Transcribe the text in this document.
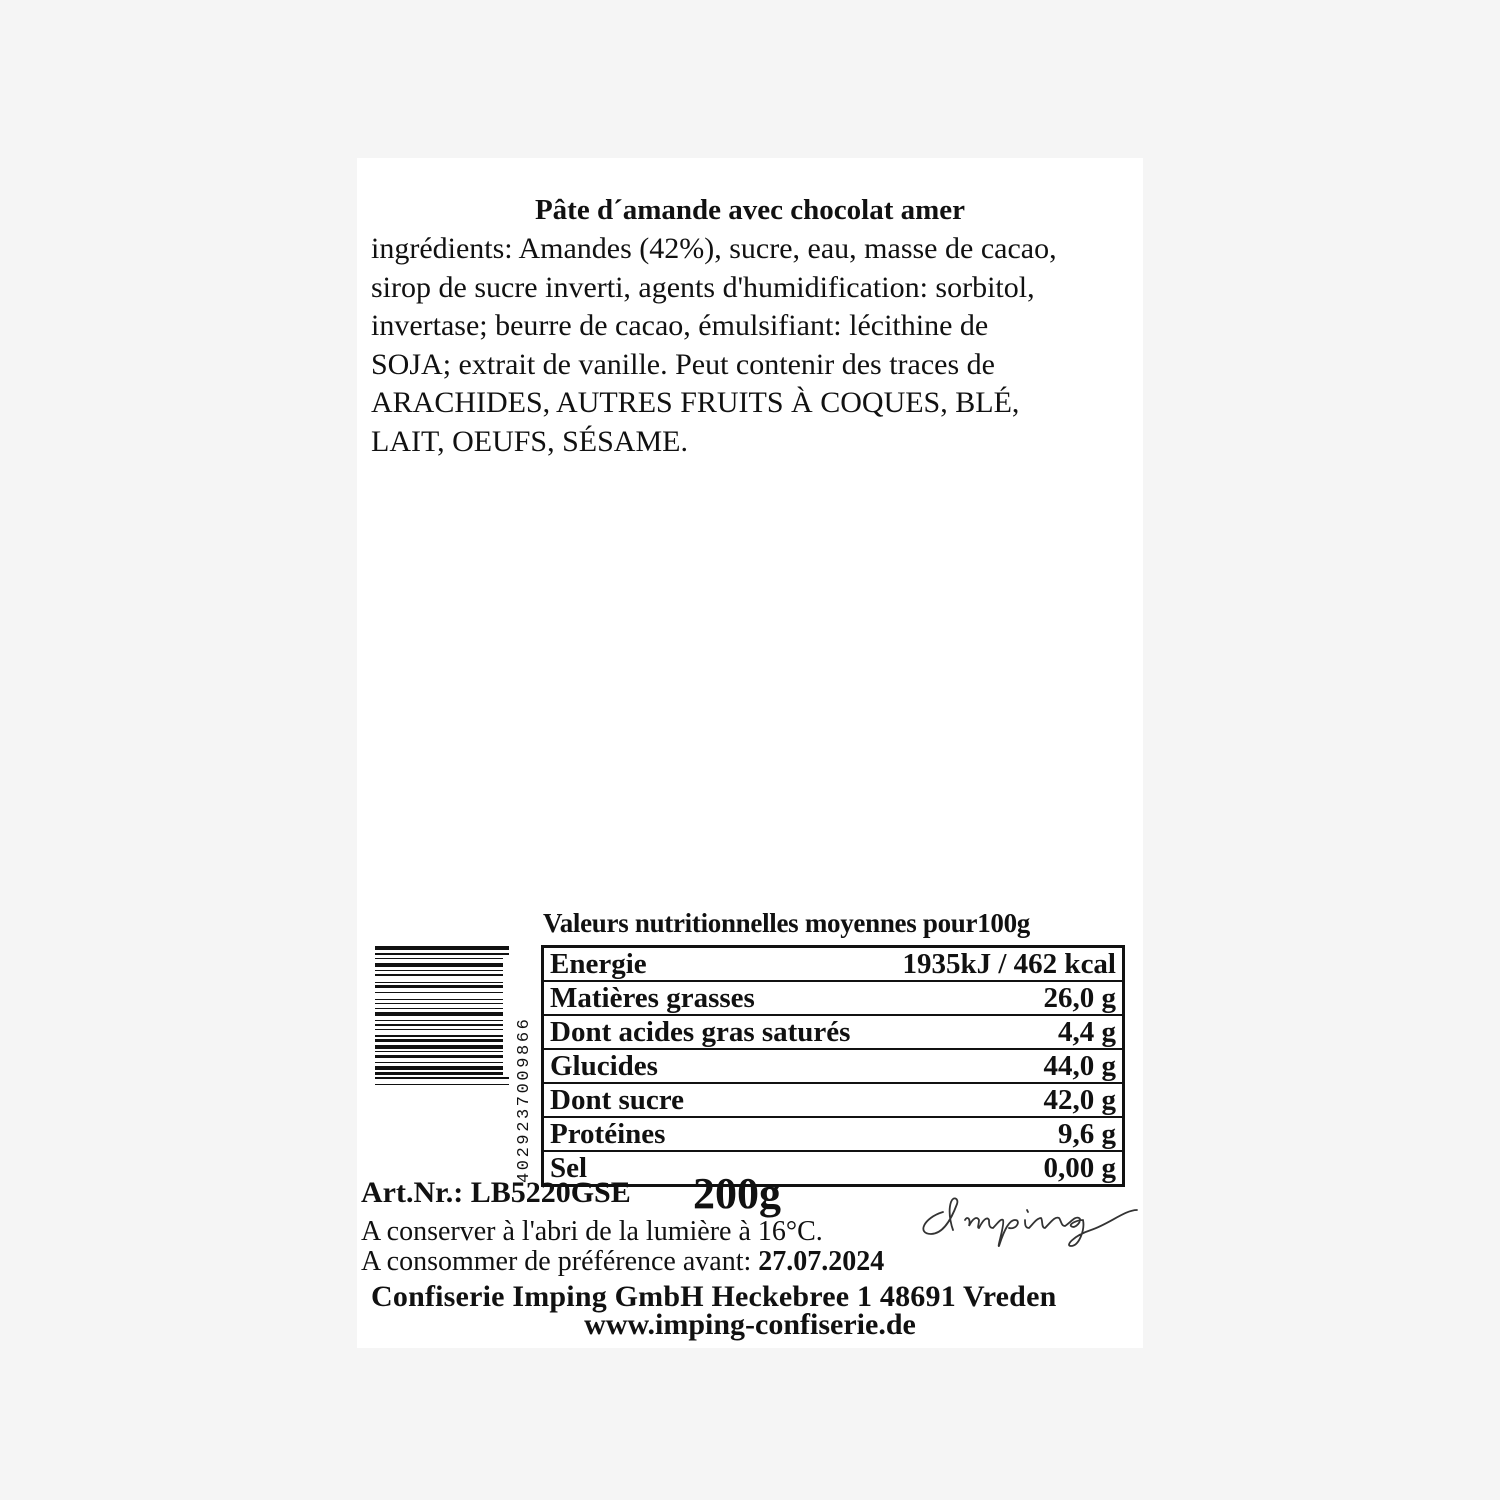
Pâte d´amande avec chocolat amer

ingrédients: Amandes (42%), sucre, eau, masse de cacao,
sirop de sucre inverti, agents d'humidification: sorbitol,
invertase; beurre de cacao, émulsifiant: lécithine de
SOJA; extrait de vanille. Peut contenir des traces de
ARACHIDES, AUTRES FRUITS À COQUES, BLÉ,
LAIT, OEUFS, SÉSAME.

Valeurs nutritionnelles moyennes pour100g
Energie	1935kJ / 462 kcal
Matières grasses	26,0 g
Dont acides gras saturés	4,4 g
Glucides	44,0 g
Dont sucre	42,0 g
Protéines	9,6 g
Sel	0,00 g
4029237009866
Art.Nr.: LB5220GSE 200g
A conserver à l'abri de la lumière à 16°C.
A consommer de préférence avant: 27.07.2024
Confiserie Imping GmbH Heckebree 1 48691 Vreden
www.imping-confiserie.de
